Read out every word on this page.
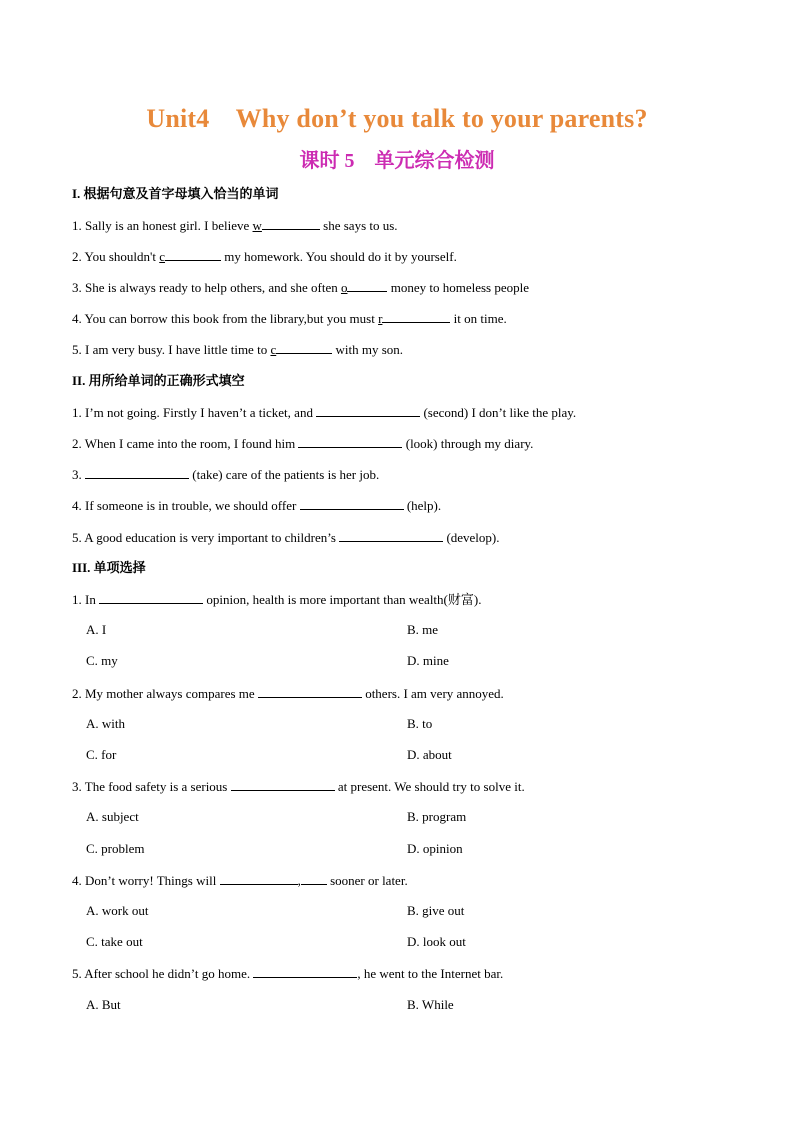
Unit4　Why don’t you talk to your parents?
课时 5　单元综合检测
I. 根据句意及首字母填入恰当的单词
1. Sally is an honest girl. I believe w	she says to us.
2. You shouldn't c	my homework. You should do it by yourself.
3. She is always ready to help others, and she often o	money to homeless people
4. You can borrow this book from the library,but you must r	it on time.
5. I am very busy. I have little time to c	with my son.
II. 用所给单词的正确形式填空
1. I’m not going. Firstly I haven’t a ticket, and	(second) I don’t like the play.
2. When I came into the room, I found him	(look) through my diary.
3.	(take) care of the patients is her job.
4. If someone is in trouble, we should offer	(help).
5. A good education is very important to children’s	(develop).
III. 单项选择
1. In	opinion, health is more important than wealth(财富).
A. I	B. me
C. my	D. mine
2. My mother always compares me	others. I am very annoyed.
A. with	B. to
C. for	D. about
3. The food safety is a serious	at present. We should try to solve it.
A. subject	B. program
C. problem	D. opinion
4. Don’t worry! Things will	, sooner or later.
A. work out	B. give out
C. take out	D. look out
5. After school he didn’t go home.	, he went to the Internet bar.
A. But	B. While
